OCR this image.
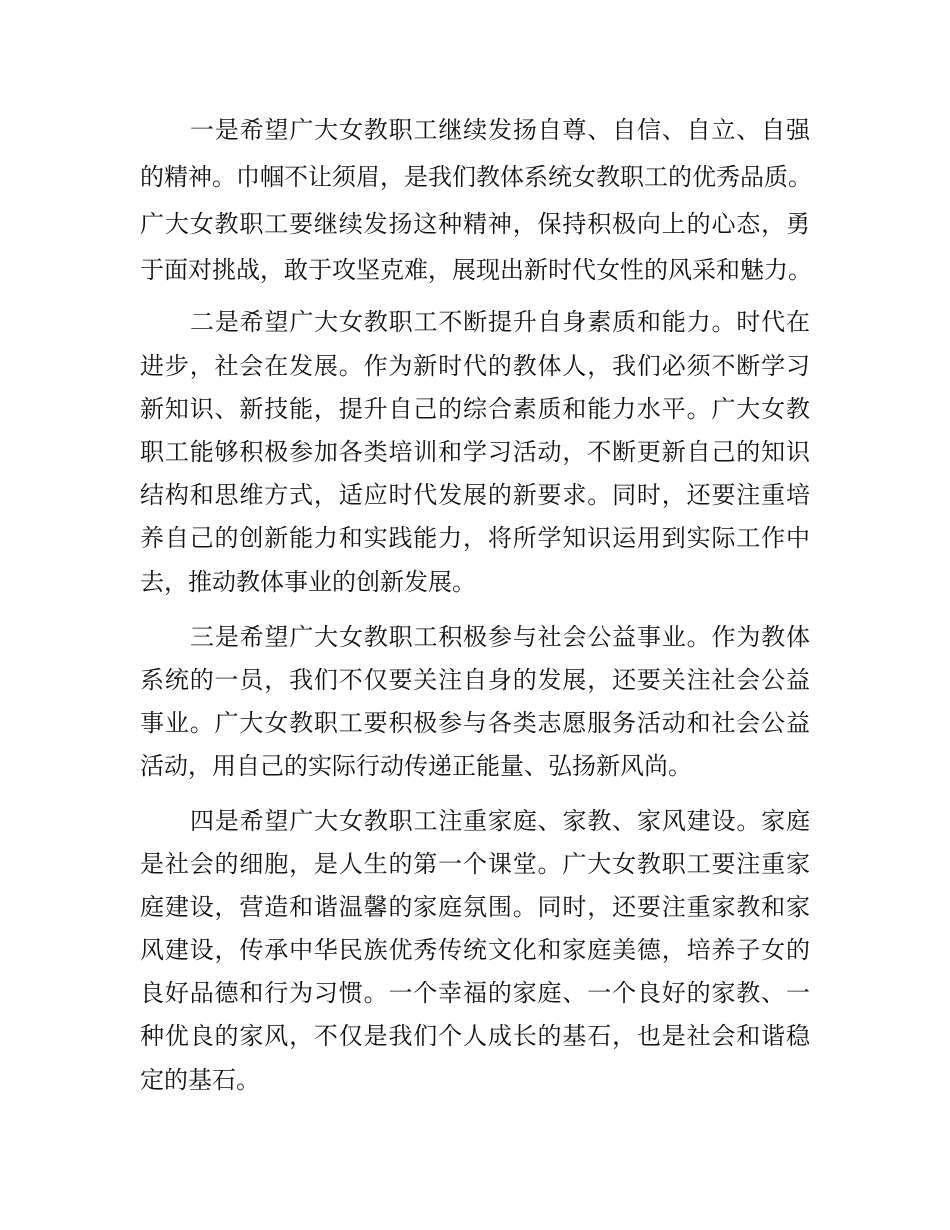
一是希望广大女教职工继续发扬自尊、自信、自立、自强
的精神。巾帼不让须眉，是我们教体系统女教职工的优秀品质。
广大女教职工要继续发扬这种精神，保持积极向上的心态，勇
于面对挑战，敢于攻坚克难，展现出新时代女性的风采和魅力。
二是希望广大女教职工不断提升自身素质和能力。时代在
进步，社会在发展。作为新时代的教体人，我们必须不断学习
新知识、新技能，提升自己的综合素质和能力水平。广大女教
职工能够积极参加各类培训和学习活动，不断更新自己的知识
结构和思维方式，适应时代发展的新要求。同时，还要注重培
养自己的创新能力和实践能力，将所学知识运用到实际工作中
去，推动教体事业的创新发展。
三是希望广大女教职工积极参与社会公益事业。作为教体
系统的一员，我们不仅要关注自身的发展，还要关注社会公益
事业。广大女教职工要积极参与各类志愿服务活动和社会公益
活动，用自己的实际行动传递正能量、弘扬新风尚。
四是希望广大女教职工注重家庭、家教、家风建设。家庭
是社会的细胞，是人生的第一个课堂。广大女教职工要注重家
庭建设，营造和谐温馨的家庭氛围。同时，还要注重家教和家
风建设，传承中华民族优秀传统文化和家庭美德，培养子女的
良好品德和行为习惯。一个幸福的家庭、一个良好的家教、一
种优良的家风，不仅是我们个人成长的基石，也是社会和谐稳
定的基石。
